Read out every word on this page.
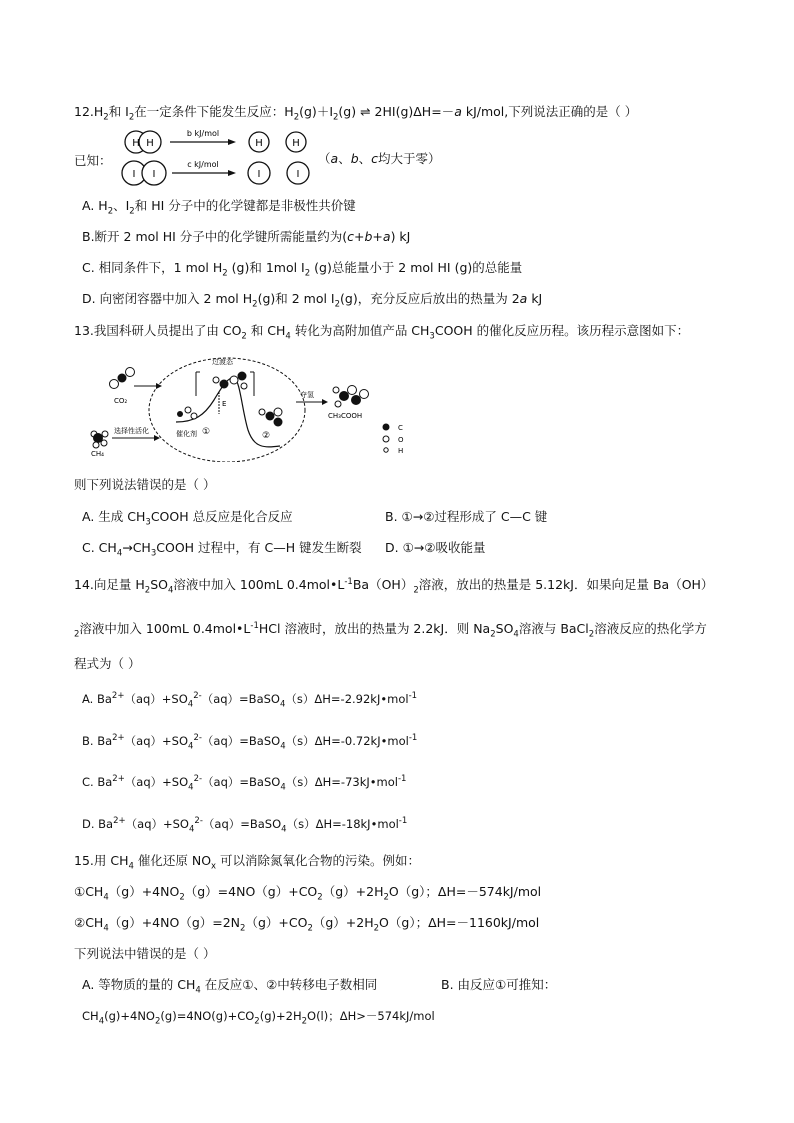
$12.H_2$和 $I_2$在一定条件下能发生反应：$H_2(g)+I_2(g)$ ⇌ 2HI(g)ΔH=－a kJ/mol,下列说法正确的是（ ）
已知：
H H
b kJ/mol
H	H
I I
c kJ/mol
I	I
（a、b、c均大于零）
A. $H_2$、$I_2$和 HI 分子中的化学键都是非极性共价键
B.断开 2 mol HI 分子中的化学键所需能量约为(c+b+a) kJ
C. 相同条件下，1 mol $H_2$ (g)和 1mol $I_2$ (g)总能量小于 2 mol HI (g)的总能量
D. 向密闭容器中加入 2 mol $H_2(g)$和 2 mol $I_2(g)$，充分反应后放出的热量为 2a kJ
13.我国科研人员提出了由 $CO_2$ 和 $CH_4$ 转化为高附加值产品 $CH_3COOH$ 的催化反应历程。该历程示意图如下：
CO₂
CH₄
选择性活化
过渡态
E
催化剂 ①	②
夺氢
CH₃COOH
C
O
H
则下列说法错误的是（ ）
A. 生成 $CH_3COOH$ 总反应是化合反应	B. ①→②过程形成了 C—C 键
C. $CH_4\to CH_3COOH$ 过程中，有 C—H 键发生断裂 D. ①→②吸收能量
14.向足量 $H_2SO_4$溶液中加入 100mL $0.4mol•L^{-1}Ba(OH)_2$溶液，放出的热量是 5.12kJ．如果向足量 Ba（OH）
$_2$溶液中加入 100mL $0.4mol•L^{-1}HCl$ 溶液时，放出的热量为 2.2kJ．则 $Na_2SO_4$溶液与 BaCl$_2$溶液反应的热化学方
程式为（ ）
A. $Ba^{2+}(aq)+SO_4^{2-}(aq)=BaSO_4(s)\Delta H=-2.92kJ•mol^{-1}$
B. $Ba^{2+}(aq)+SO_4^{2-}(aq)=BaSO_4(s)\Delta H=-0.72kJ•mol^{-1}$
C. $Ba^{2+}(aq)+SO_4^{2-}(aq)=BaSO_4(s)\Delta H=-73kJ•mol^{-1}$
D. $Ba^{2+}(aq)+SO_4^{2-}(aq)=BaSO_4(s)\Delta H=-18kJ•mol^{-1}$
15.用 $CH_4$ 催化还原 $NO_x$ 可以消除氮氧化合物的污染。例如：
$①CH_4(g)+4NO_2(g)=4NO(g)+CO_2(g)+2H_2O(g)$；ΔH=－574kJ/mol
$②CH_4(g)+4NO(g)=2N_2(g)+CO_2(g)+2H_2O(g)$；ΔH=－1160kJ/mol
下列说法中错误的是（ ）
A. 等物质的量的 $CH_4$ 在反应①、②中转移电子数相同	B. 由反应①可推知：
$CH_4(g)+4NO_2(g)=4NO(g)+CO_2(g)+2H_2O(l)$；ΔH>－574kJ/mol
